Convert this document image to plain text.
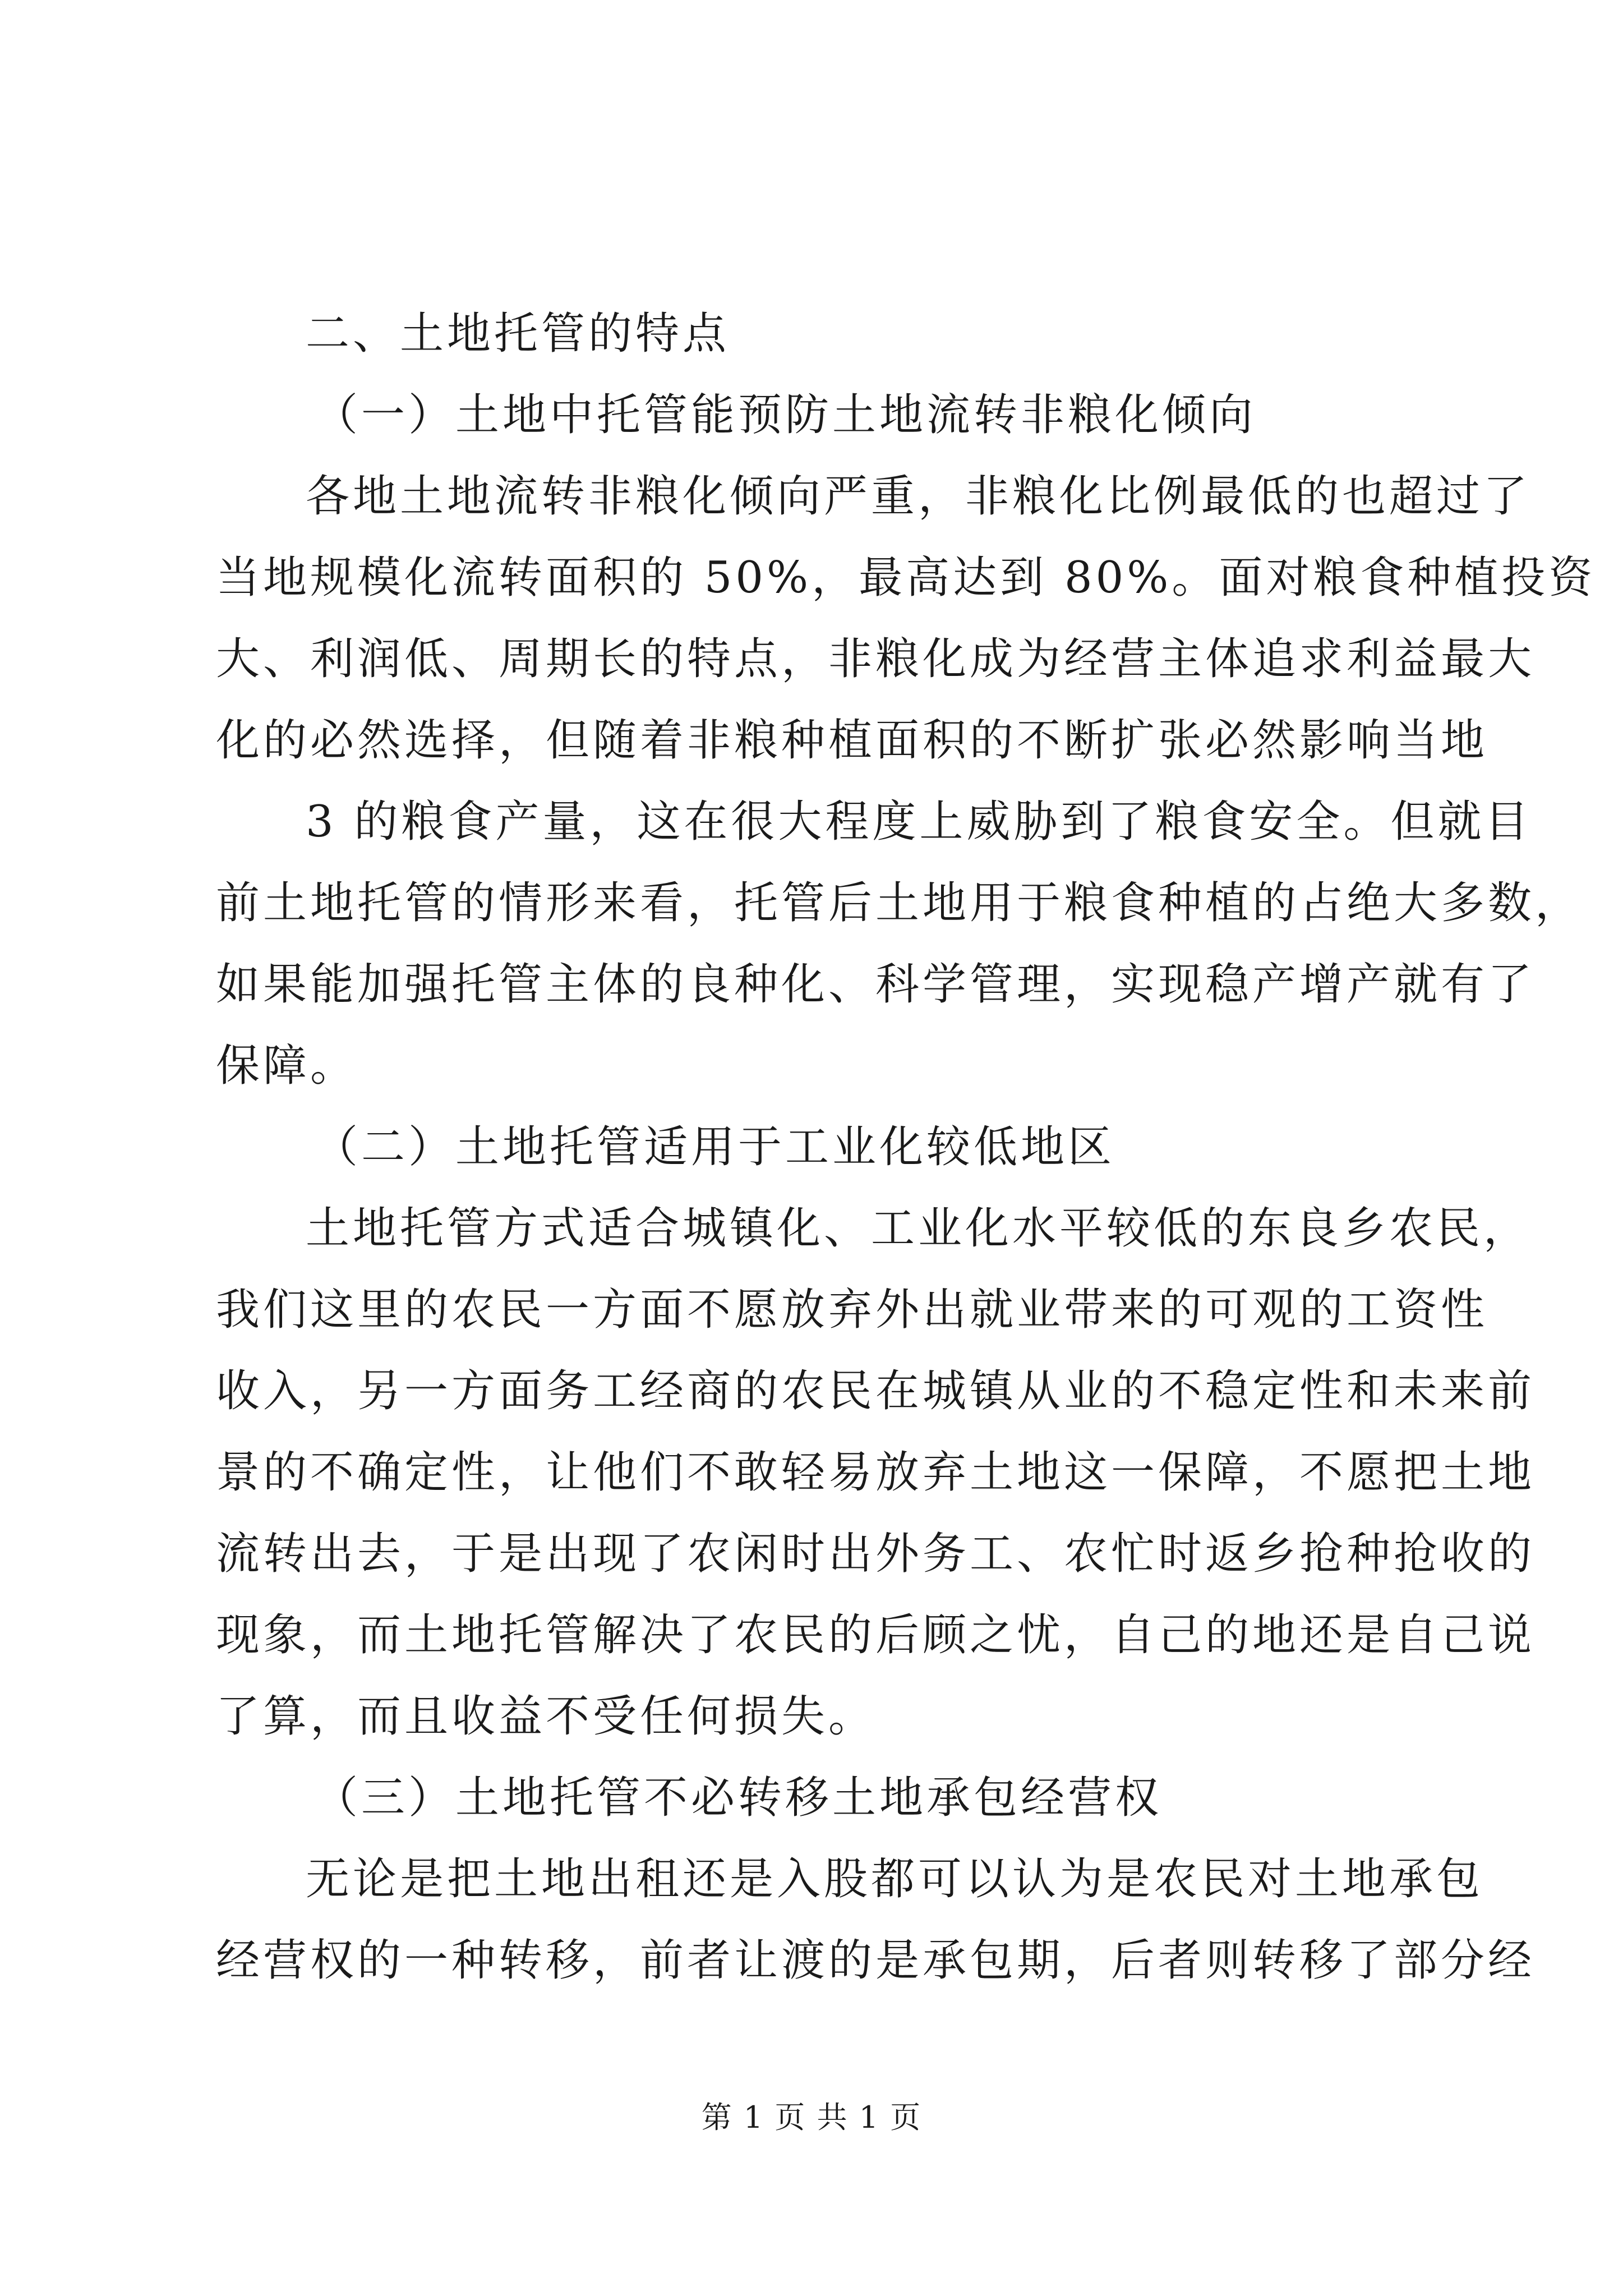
二、土地托管的特点
（一）土地中托管能预防土地流转非粮化倾向
各地土地流转非粮化倾向严重，非粮化比例最低的也超过了
当地规模化流转面积的 50%，最高达到 80%。面对粮食种植投资
大、利润低、周期长的特点，非粮化成为经营主体追求利益最大
化的必然选择，但随着非粮种植面积的不断扩张必然影响当地
3 的粮食产量，这在很大程度上威胁到了粮食安全。但就目
前土地托管的情形来看，托管后土地用于粮食种植的占绝大多数，
如果能加强托管主体的良种化、科学管理，实现稳产增产就有了
保障。
（二）土地托管适用于工业化较低地区
土地托管方式适合城镇化、工业化水平较低的东良乡农民，
我们这里的农民一方面不愿放弃外出就业带来的可观的工资性
收入，另一方面务工经商的农民在城镇从业的不稳定性和未来前
景的不确定性，让他们不敢轻易放弃土地这一保障，不愿把土地
流转出去，于是出现了农闲时出外务工、农忙时返乡抢种抢收的
现象，而土地托管解决了农民的后顾之忧，自己的地还是自己说
了算，而且收益不受任何损失。
（三）土地托管不必转移土地承包经营权
无论是把土地出租还是入股都可以认为是农民对土地承包
经营权的一种转移，前者让渡的是承包期，后者则转移了部分经
第 1 页 共 1 页
